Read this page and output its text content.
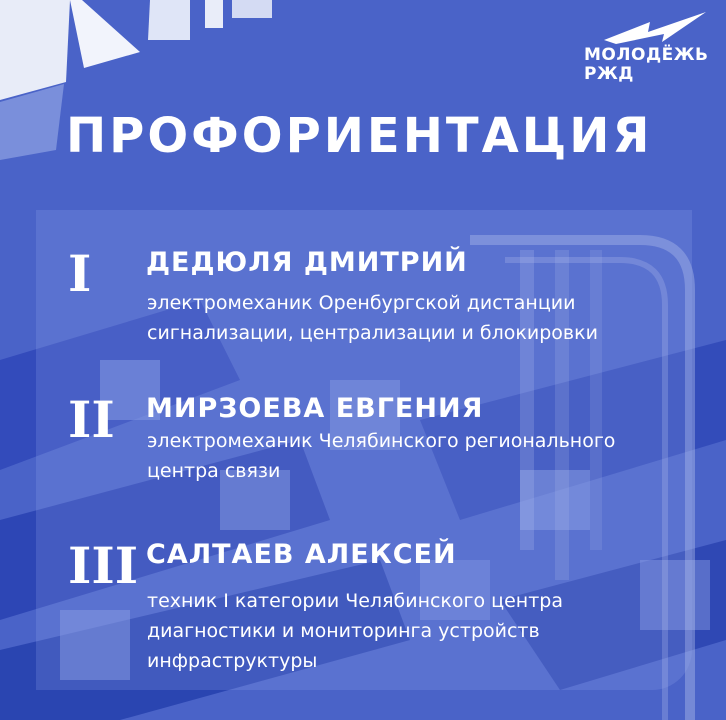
МОЛОДЁЖЬ
РЖД
ПРОФОРИЕНТАЦИЯ
I ДЕДЮЛЯ ДМИТРИЙ
электромеханик Оренбургской дистанции
сигнализации, централизации и блокировки
II МИРЗОЕВА ЕВГЕНИЯ
электромеханик Челябинского регионального
центра связи
III САЛТАЕВ АЛЕКСЕЙ
техник I категории Челябинского центра
диагностики и мониторинга устройств
инфраструктуры
